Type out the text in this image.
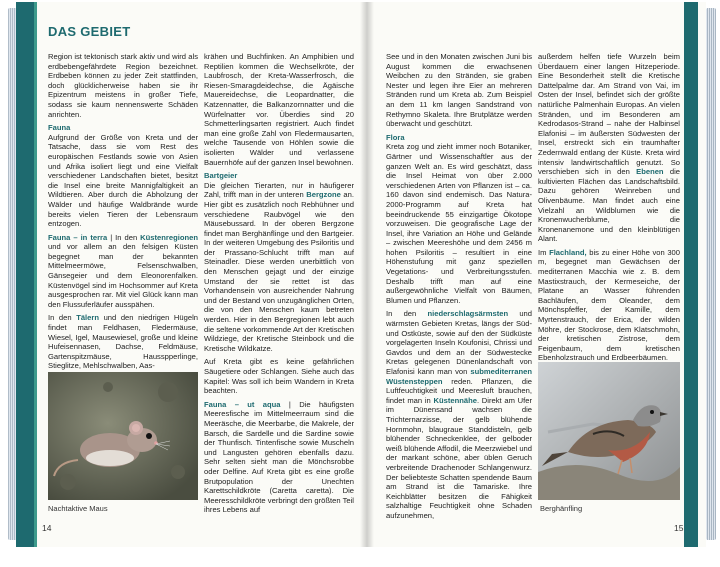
DAS GEBIET

Region ist tektonisch stark aktiv und wird als erdbebengefährdete Region bezeichnet. Erdbeben können zu jeder Zeit stattfinden, doch glücklicherweise haben sie ihr Epizentrum meistens in großer Tiefe, sodass sie kaum nennenswerte Schäden anrichten.

Fauna

Aufgrund der Größe von Kreta und der Tatsache, dass sie vom Rest des europäischen Festlands sowie von Asien und Afrika isoliert liegt und eine Vielfalt verschiedener Landschaften bietet, besitzt die Insel eine breite Mannigfaltigkeit an Wildtieren. Aber durch die Abholzung der Wälder und häufige Waldbrände wurde bereits vielen Tieren der Lebensraum entzogen.

Fauna – in terra | In den Küstenregionen und vor allem an den felsigen Küsten begegnet man der bekannten Mittelmeermöwe, Felsenschwalben, Gänsegeier und dem Eleonorenfalken. Küstenvögel sind im Hochsommer auf Kreta ausgesprochen rar. Mit viel Glück kann man den Flussuferläufer ausspähen.

In den Tälern und den niedrigen Hügeln findet man Feldhasen, Fledermäuse, Wiesel, Igel, Mausewiesel, große und kleine Hufeisennasen, Dachse, Feldmäuse, Gartenspitzmäuse, Hausspperlinge, Stieglitze, Mehlschwalben, Aas-

Nachtaktive Maus
14

krähen und Buchfinken. An Amphibien und Reptilien kommen die Wechselkröte, der Laubfrosch, der Kreta-Wasserfrosch, die Riesen-Smaragdeidechse, die Ägäische Mauereidechse, die Leopardnatter, die Katzennatter, die Balkanzornnatter und die Würfelnatter vor. Überdies sind 20 Schmetterlingsarten registriert. Auch findet man eine große Zahl von Fledermausarten, welche Tausende von Höhlen sowie die isolierten Wälder und verlassene Bauernhöfe auf der ganzen Insel bewohnen.

Bartgeier

Die gleichen Tierarten, nur in häufigerer Zahl, trifft man in der unteren Bergzone an. Hier gibt es zusätzlich noch Rebhühner und verschiedene Raubvögel wie den Mäusebussard. In der oberen Bergzone findet man Berghänflinge und den Bartgeier. In der weiteren Umgebung des Psiloritis und der Prassano-Schlucht trifft man auf Steinadler. Diese werden unerbittlich von den Menschen gejagt und der einzige Umstand der sie rettet ist das Vorhandensein von ausreichender Nahrung und der Bestand von unzugänglichen Orten, die von den Menschen kaum betreten werden. Hier in den Bergregionen lebt auch die seltene vorkommende Art der Kretischen Wildziege, der Kretische Steinbock und die Kretische Wildkatze.

Auf Kreta gibt es keine gefährlichen Säugetiere oder Schlangen. Siehe auch das Kapitel: Was soll ich beim Wandern in Kreta beachten.

Fauna – ut aqua | Die häufigsten Meeresfische im Mittelmeerraum sind die Meeräsche, die Meerbarbe, die Makrele, der Barsch, die Sardelle und die Sardine sowie der Thunfisch. Tintenfische sowie Muscheln und Langusten gehören ebenfalls dazu. Sehr selten sieht man die Mönchsrobbe oder Delfine. Auf Kreta gibt es eine große Brutpopulation der Unechten Karettschildkröte (Caretta caretta). Die Meeresschildkröte verbringt den größten Teil ihres Lebens auf

See und in den Monaten zwischen Juni bis August kommen die erwachsenen Weibchen zu den Stränden, sie graben Nester und legen ihre Eier an mehreren Stränden rund um Kreta ab. Zum Beispiel an dem 11 km langen Sandstrand von Rethymno Skaleta. Ihre Brutplätze werden überwacht und geschützt.

Flora

Kreta zog und zieht immer noch Botaniker, Gärtner und Wissenschaftler aus der ganzen Welt an. Es wird geschätzt, dass die Insel Heimat von über 2.000 verschiedenen Arten von Pflanzen ist – ca. 160 davon sind endemisch. Das Natura-2000-Programm auf Kreta hat beeindruckende 55 einzigartige Ökotope vorzuweisen. Die geografische Lage der Insel, ihre Variation an Höhe und Gelände – zwischen Meereshöhe und dem 2456 m hohen Psiloritis – resultiert in eine Höhenstufung mit ganz speziellen Vegetations- und Verbreitungsstufen. Deshalb trifft man auf eine außergewöhnliche Vielfalt von Bäumen, Blumen und Pflanzen.

In den niederschlagsärmsten und wärmsten Gebieten Kretas, längs der Süd- und Ostküste, sowie auf den der Südküste vorgelagerten Inseln Koufonisi, Chrissi und Gavdos und dem an der Südwestecke Kretas gelegenen Dünenlandschaft von Elafonisi kann man von submediterranen Wüstensteppen reden. Pflanzen, die Luftfeuchtigkeit und Meeresluft brauchen, findet man in Küstennähe. Direkt am Ufer im Dünensand wachsen die Trichternarzisse, der gelb blühende Hornmohn, blaugraue Standdisteln, gelb blühender Schneckenklee, der gelboder weiß blühende Affodil, die Meerzwiebel und der markant schöne, aber üblen Geruch verbreitende Drachenoder Schlangenwurz. Der beliebteste Schatten spendende Baum am Strand ist die Tamariske. Ihre Keichblätter besitzen die Fähigkeit salzhaltige Feuchtigkeit ohne Schaden aufzunehmen,

außerdem helfen tiefe Wurzeln beim Überdauern einer langen Hitzeperiode. Eine Besonderheit stellt die Kretische Dattelpalme dar. Am Strand von Vai, im Osten der Insel, befindet sich der größte natürliche Palmenhain Europas. An vielen Stränden, und im Besonderen am Kedrodasos-Strand – nahe der Halbinsel Elafonisi – im äußersten Südwesten der Insel, erstreckt sich ein traumhafter Zedernwald entlang der Küste. Kreta wird intensiv landwirtschaftlich genutzt. So verschieben sich in den Ebenen die kultivierten Flächen das Landschaftsbild. Dazu gehören Weinreben und Olivenbäume. Man findet auch eine Vielzahl an Wildblumen wie die Kronenwucherblume, die Kronenanemone und den kleinblütigen Alant.

Im Flachland, bis zu einer Höhe von 300 m, begegnet man Gewächsen der mediterranen Macchia wie z. B. dem Mastixstrauch, der Kermeseiche, der Platane an Wasser führenden Bachläufen, dem Oleander, dem Mönchspfeffer, der Kamille, dem Myrtenstrauch, der Erica, der wilden Möhre, der Stockrose, dem Klatschmohn, der kretischen Zistrose, dem Feigenbaum, dem kretischen Ebenholzstrauch und Erdbeerbäumen.

Berghänfling
15
